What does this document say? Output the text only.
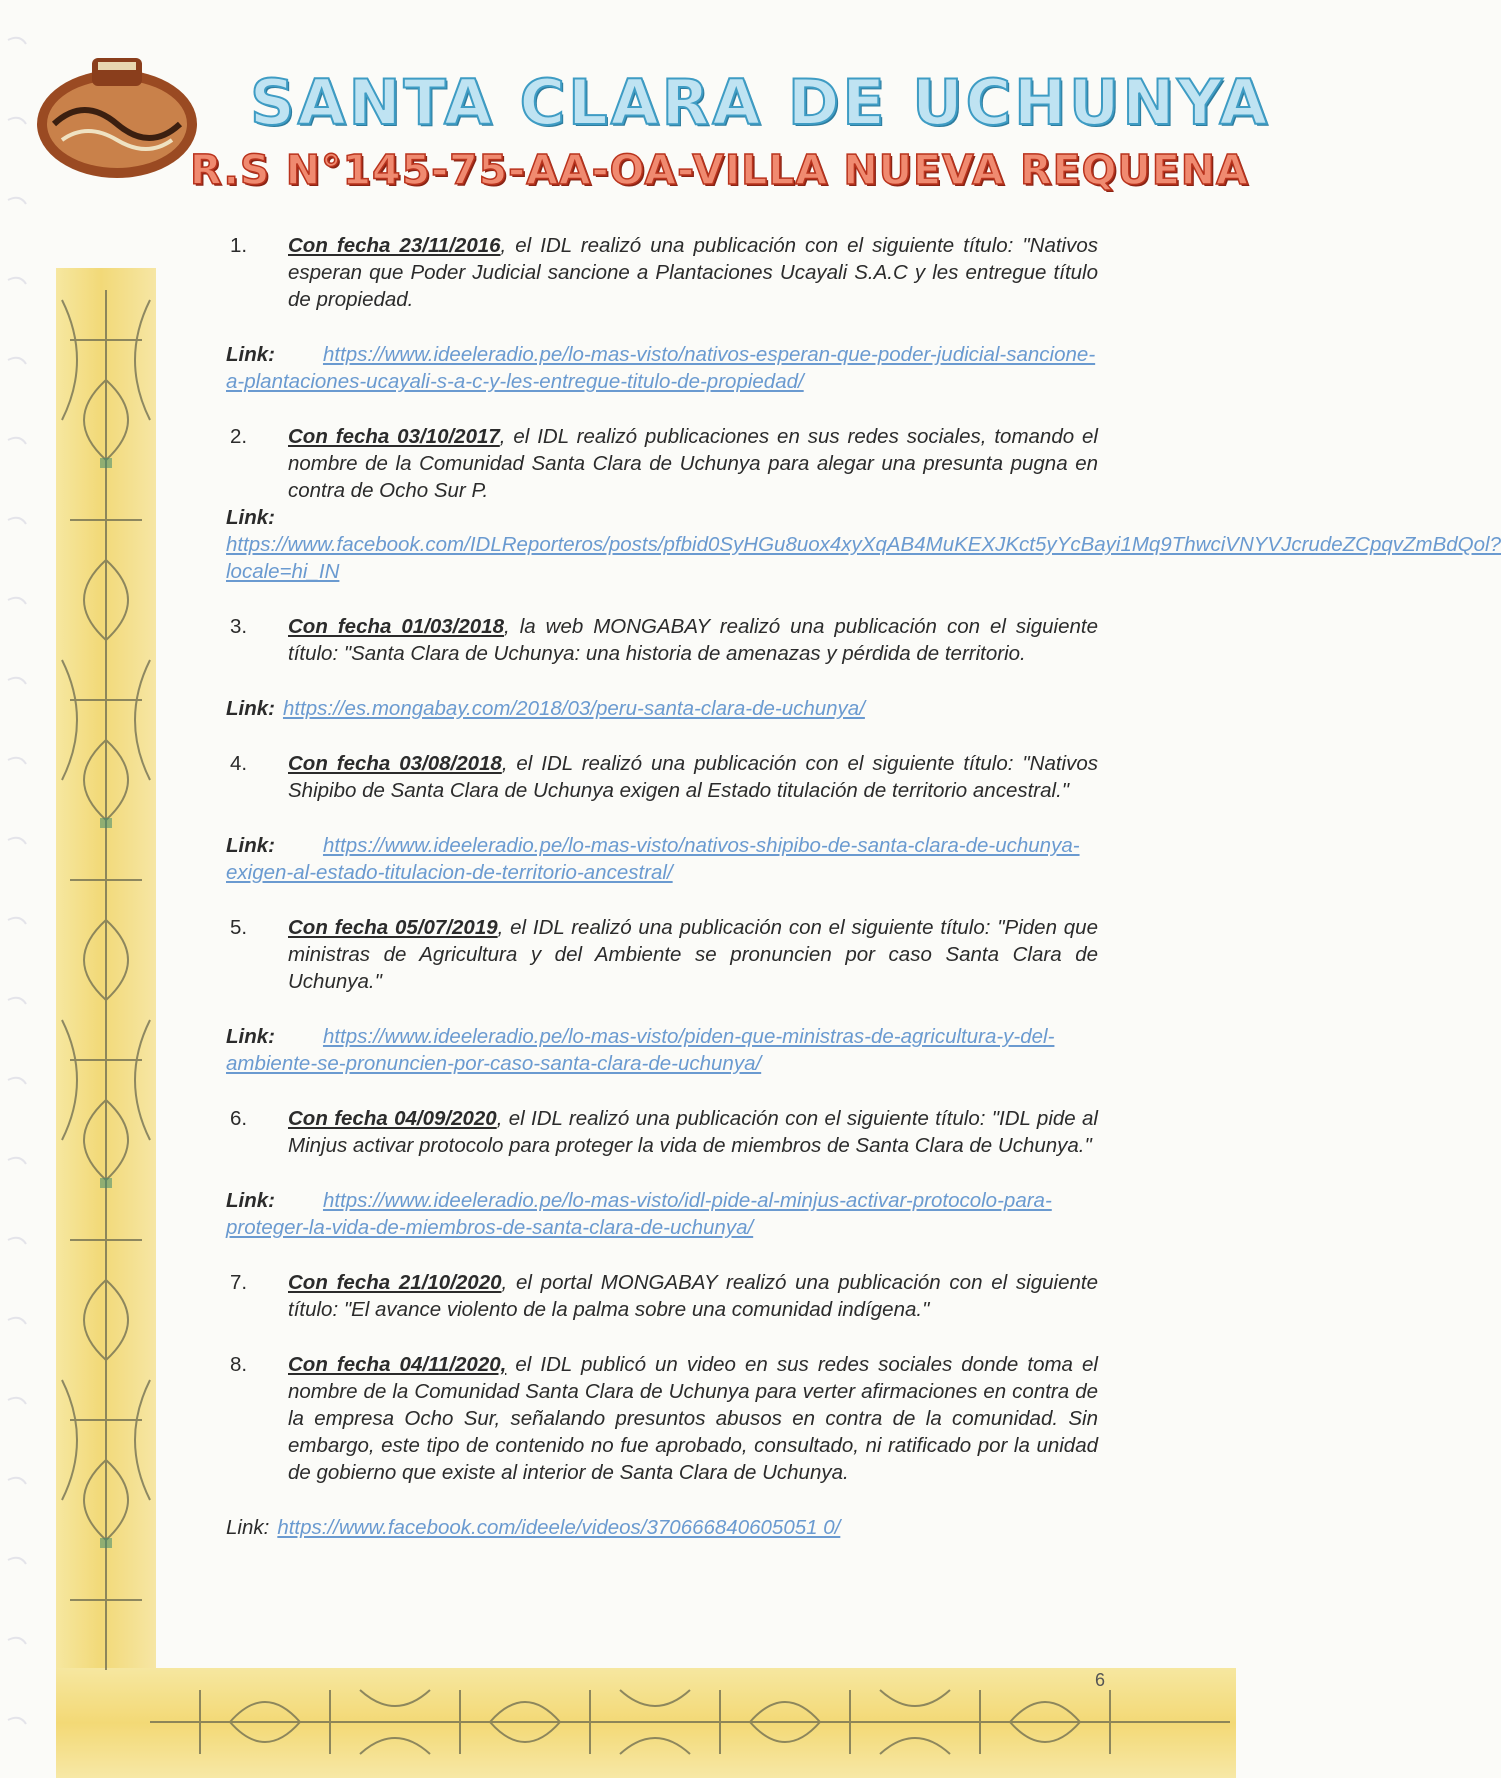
SANTA CLARA DE UCHUNYA
R.S N°145-75-AA-OA-VILLA NUEVA REQUENA
1. Con fecha 23/11/2016, el IDL realizó una publicación con el siguiente título: "Nativos esperan que Poder Judicial sancione a Plantaciones Ucayali S.A.C y les entregue título de propiedad.
Link: https://www.ideeleradio.pe/lo-mas-visto/nativos-esperan-que-poder-judicial-sancione-a-plantaciones-ucayali-s-a-c-y-les-entregue-titulo-de-propiedad/
2. Con fecha 03/10/2017, el IDL realizó publicaciones en sus redes sociales, tomando el nombre de la Comunidad Santa Clara de Uchunya para alegar una presunta pugna en contra de Ocho Sur P.
Link:
https://www.facebook.com/IDLReporteros/posts/pfbid0SyHGu8uox4xyXqAB4MuKEXJKct5yYcBayi1Mq9ThwciVNYVJcrudeZCpqvZmBdQol?locale=hi_IN
3. Con fecha 01/03/2018, la web MONGABAY realizó una publicación con el siguiente título: "Santa Clara de Uchunya: una historia de amenazas y pérdida de territorio.
Link: https://es.mongabay.com/2018/03/peru-santa-clara-de-uchunya/
4. Con fecha 03/08/2018, el IDL realizó una publicación con el siguiente título: "Nativos Shipibo de Santa Clara de Uchunya exigen al Estado titulación de territorio ancestral."
Link: https://www.ideeleradio.pe/lo-mas-visto/nativos-shipibo-de-santa-clara-de-uchunya-exigen-al-estado-titulacion-de-territorio-ancestral/
5. Con fecha 05/07/2019, el IDL realizó una publicación con el siguiente título: "Piden que ministras de Agricultura y del Ambiente se pronuncien por caso Santa Clara de Uchunya."
Link: https://www.ideeleradio.pe/lo-mas-visto/piden-que-ministras-de-agricultura-y-del-ambiente-se-pronuncien-por-caso-santa-clara-de-uchunya/
6. Con fecha 04/09/2020, el IDL realizó una publicación con el siguiente título: "IDL pide al Minjus activar protocolo para proteger la vida de miembros de Santa Clara de Uchunya."
Link: https://www.ideeleradio.pe/lo-mas-visto/idl-pide-al-minjus-activar-protocolo-para-proteger-la-vida-de-miembros-de-santa-clara-de-uchunya/
7. Con fecha 21/10/2020, el portal MONGABAY realizó una publicación con el siguiente título: "El avance violento de la palma sobre una comunidad indígena."
8. Con fecha 04/11/2020, el IDL publicó un video en sus redes sociales donde toma el nombre de la Comunidad Santa Clara de Uchunya para verter afirmaciones en contra de la empresa Ocho Sur, señalando presuntos abusos en contra de la comunidad. Sin embargo, este tipo de contenido no fue aprobado, consultado, ni ratificado por la unidad de gobierno que existe al interior de Santa Clara de Uchunya.
Link: https://www.facebook.com/ideele/videos/370666840605051 0/
6
